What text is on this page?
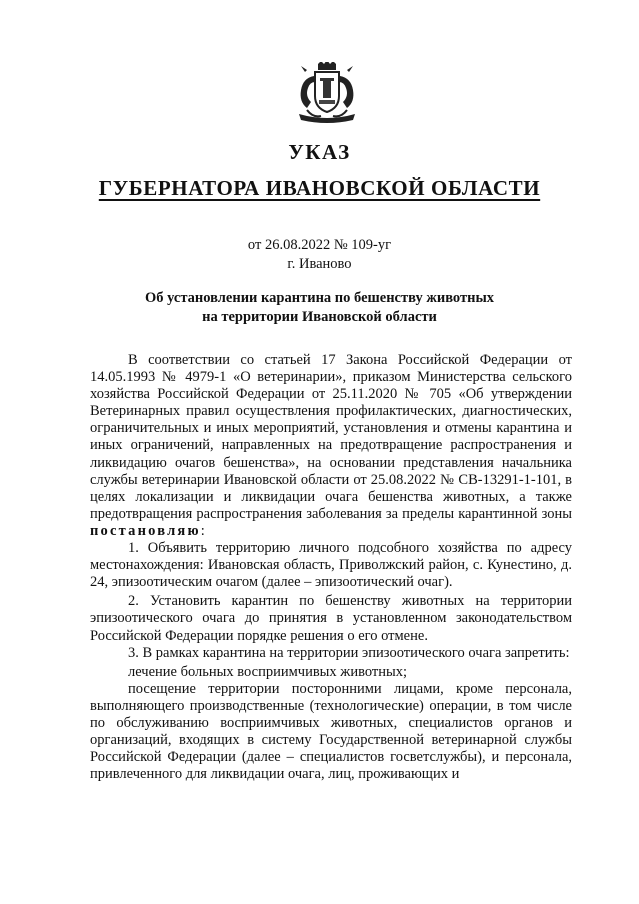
УКАЗ
ГУБЕРНАТОРА ИВАНОВСКОЙ ОБЛАСТИ
от 26.08.2022 № 109-уг
г. Иваново
Об установлении карантина по бешенству животных
на территории Ивановской области

В соответствии со статьей 17 Закона Российской Федерации от 14.05.1993 № 4979-1 «О ветеринарии», приказом Министерства сельского хозяйства Российской Федерации от 25.11.2020 № 705 «Об утверждении Ветеринарных правил осуществления профилактических, диагностических, ограничительных и иных мероприятий, установления и отмены карантина и иных ограничений, направленных на предотвращение распространения и ликвидацию очагов бешенства», на основании представления начальника службы ветеринарии Ивановской области от 25.08.2022 № СВ-13291-1-101, в целях локализации и ликвидации очага бешенства животных, а также предотвращения распространения заболевания за пределы карантинной зоны постановляю:

1. Объявить территорию личного подсобного хозяйства по адресу местонахождения: Ивановская область, Приволжский район, с. Кунестино, д. 24, эпизоотическим очагом (далее – эпизоотический очаг).

2. Установить карантин по бешенству животных на территории эпизоотического очага до принятия в установленном законодательством Российской Федерации порядке решения о его отмене.

3. В рамках карантина на территории эпизоотического очага запретить:

лечение больных восприимчивых животных;

посещение территории посторонними лицами, кроме персонала, выполняющего производственные (технологические) операции, в том числе по обслуживанию восприимчивых животных, специалистов органов и организаций, входящих в систему Государственной ветеринарной службы Российской Федерации (далее – специалистов госветслужбы), и персонала, привлеченного для ликвидации очага, лиц, проживающих и
